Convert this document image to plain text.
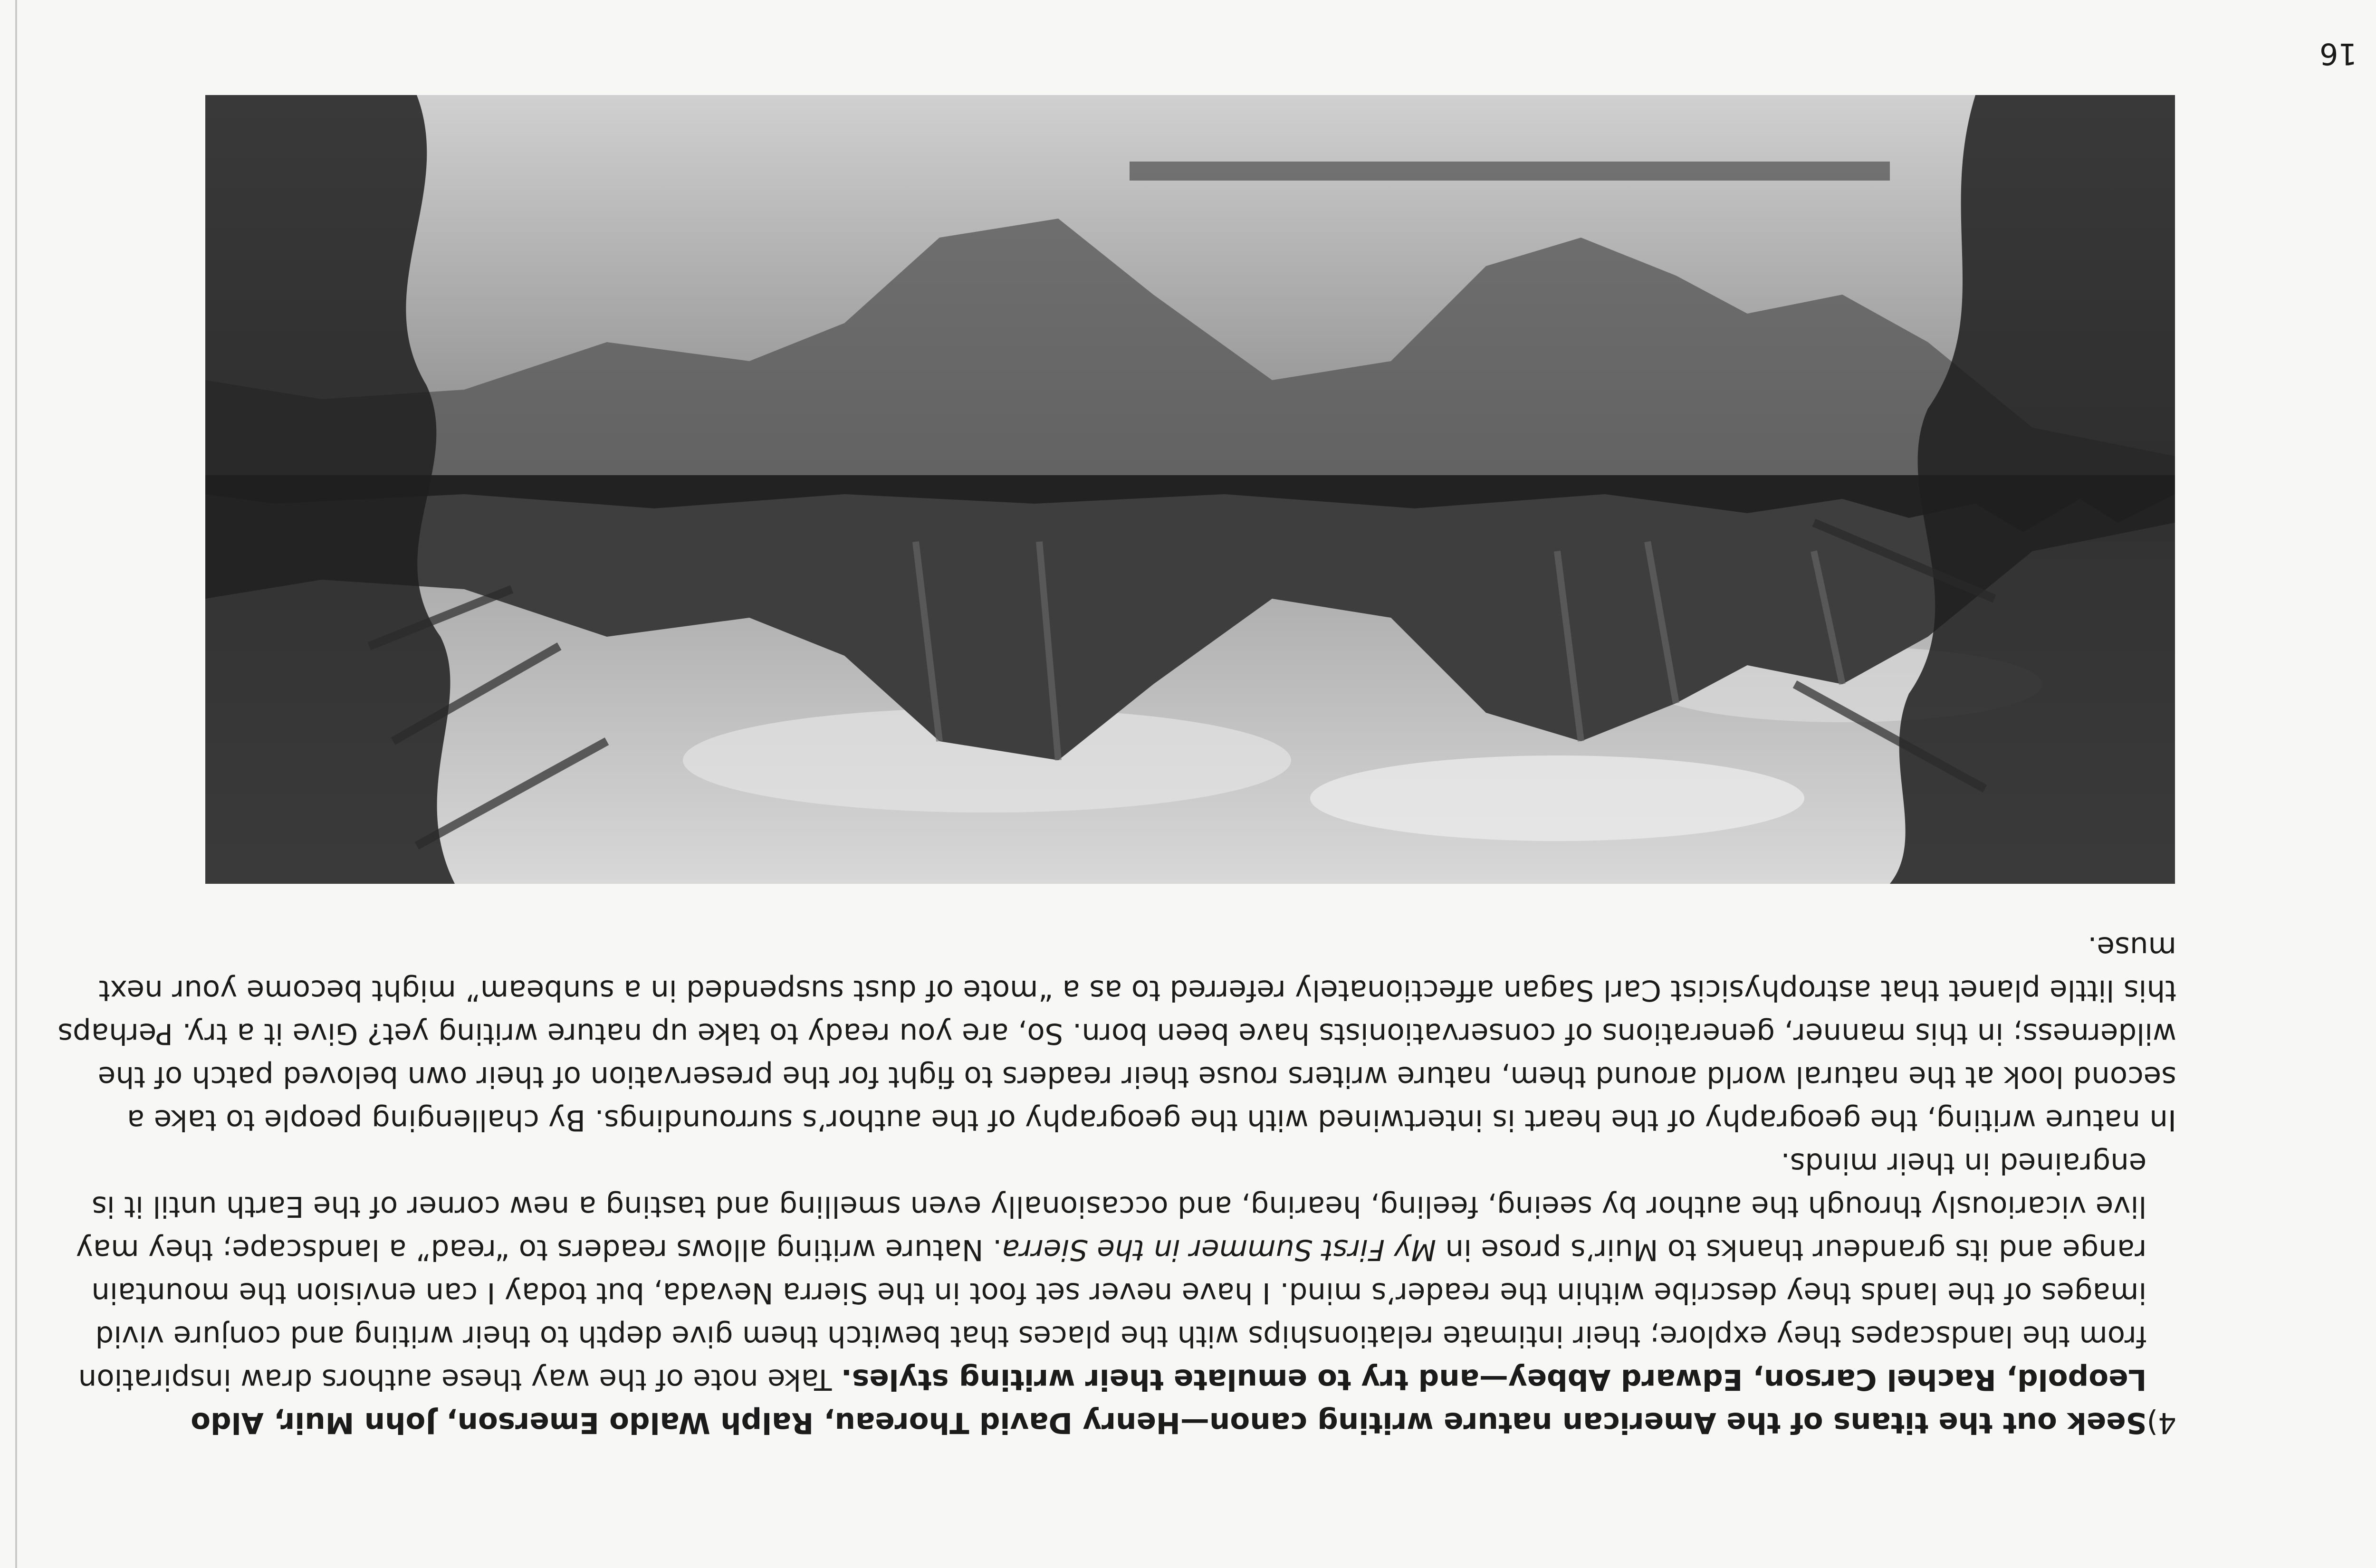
16
4)

Seek out the titans of the American nature writing canon—Henry David Thoreau, Ralph Waldo Emerson, John Muir, Aldo Leopold, Rachel Carson, Edward Abbey—and try to emulate their writing styles. Take note of the way these authors draw inspiration from the landscapes they explore; their intimate relationships with the places that bewitch them give depth to their writing and conjure vivid images of the lands they describe within the reader’s mind. I have never set foot in the Sierra Nevada, but today I can envision the mountain range and its grandeur thanks to Muir’s prose in My First Summer in the Sierra. Nature writing allows readers to “read” a landscape; they may live vicariously through the author by seeing, feeling, hearing, and occasionally even smelling and tasting a new corner of the Earth until it is engrained in their minds.

In nature writing, the geography of the heart is intertwined with the geography of the author’s surroundings. By challenging people to take a second look at the natural world around them, nature writers rouse their readers to fight for the preservation of their own beloved patch of the wilderness; in this manner, generations of conservationists have been born. So, are you ready to take up nature writing yet? Give it a try. Perhaps this little planet that astrophysicist Carl Sagan affectionately referred to as a “mote of dust suspended in a sunbeam” might become your next muse.
